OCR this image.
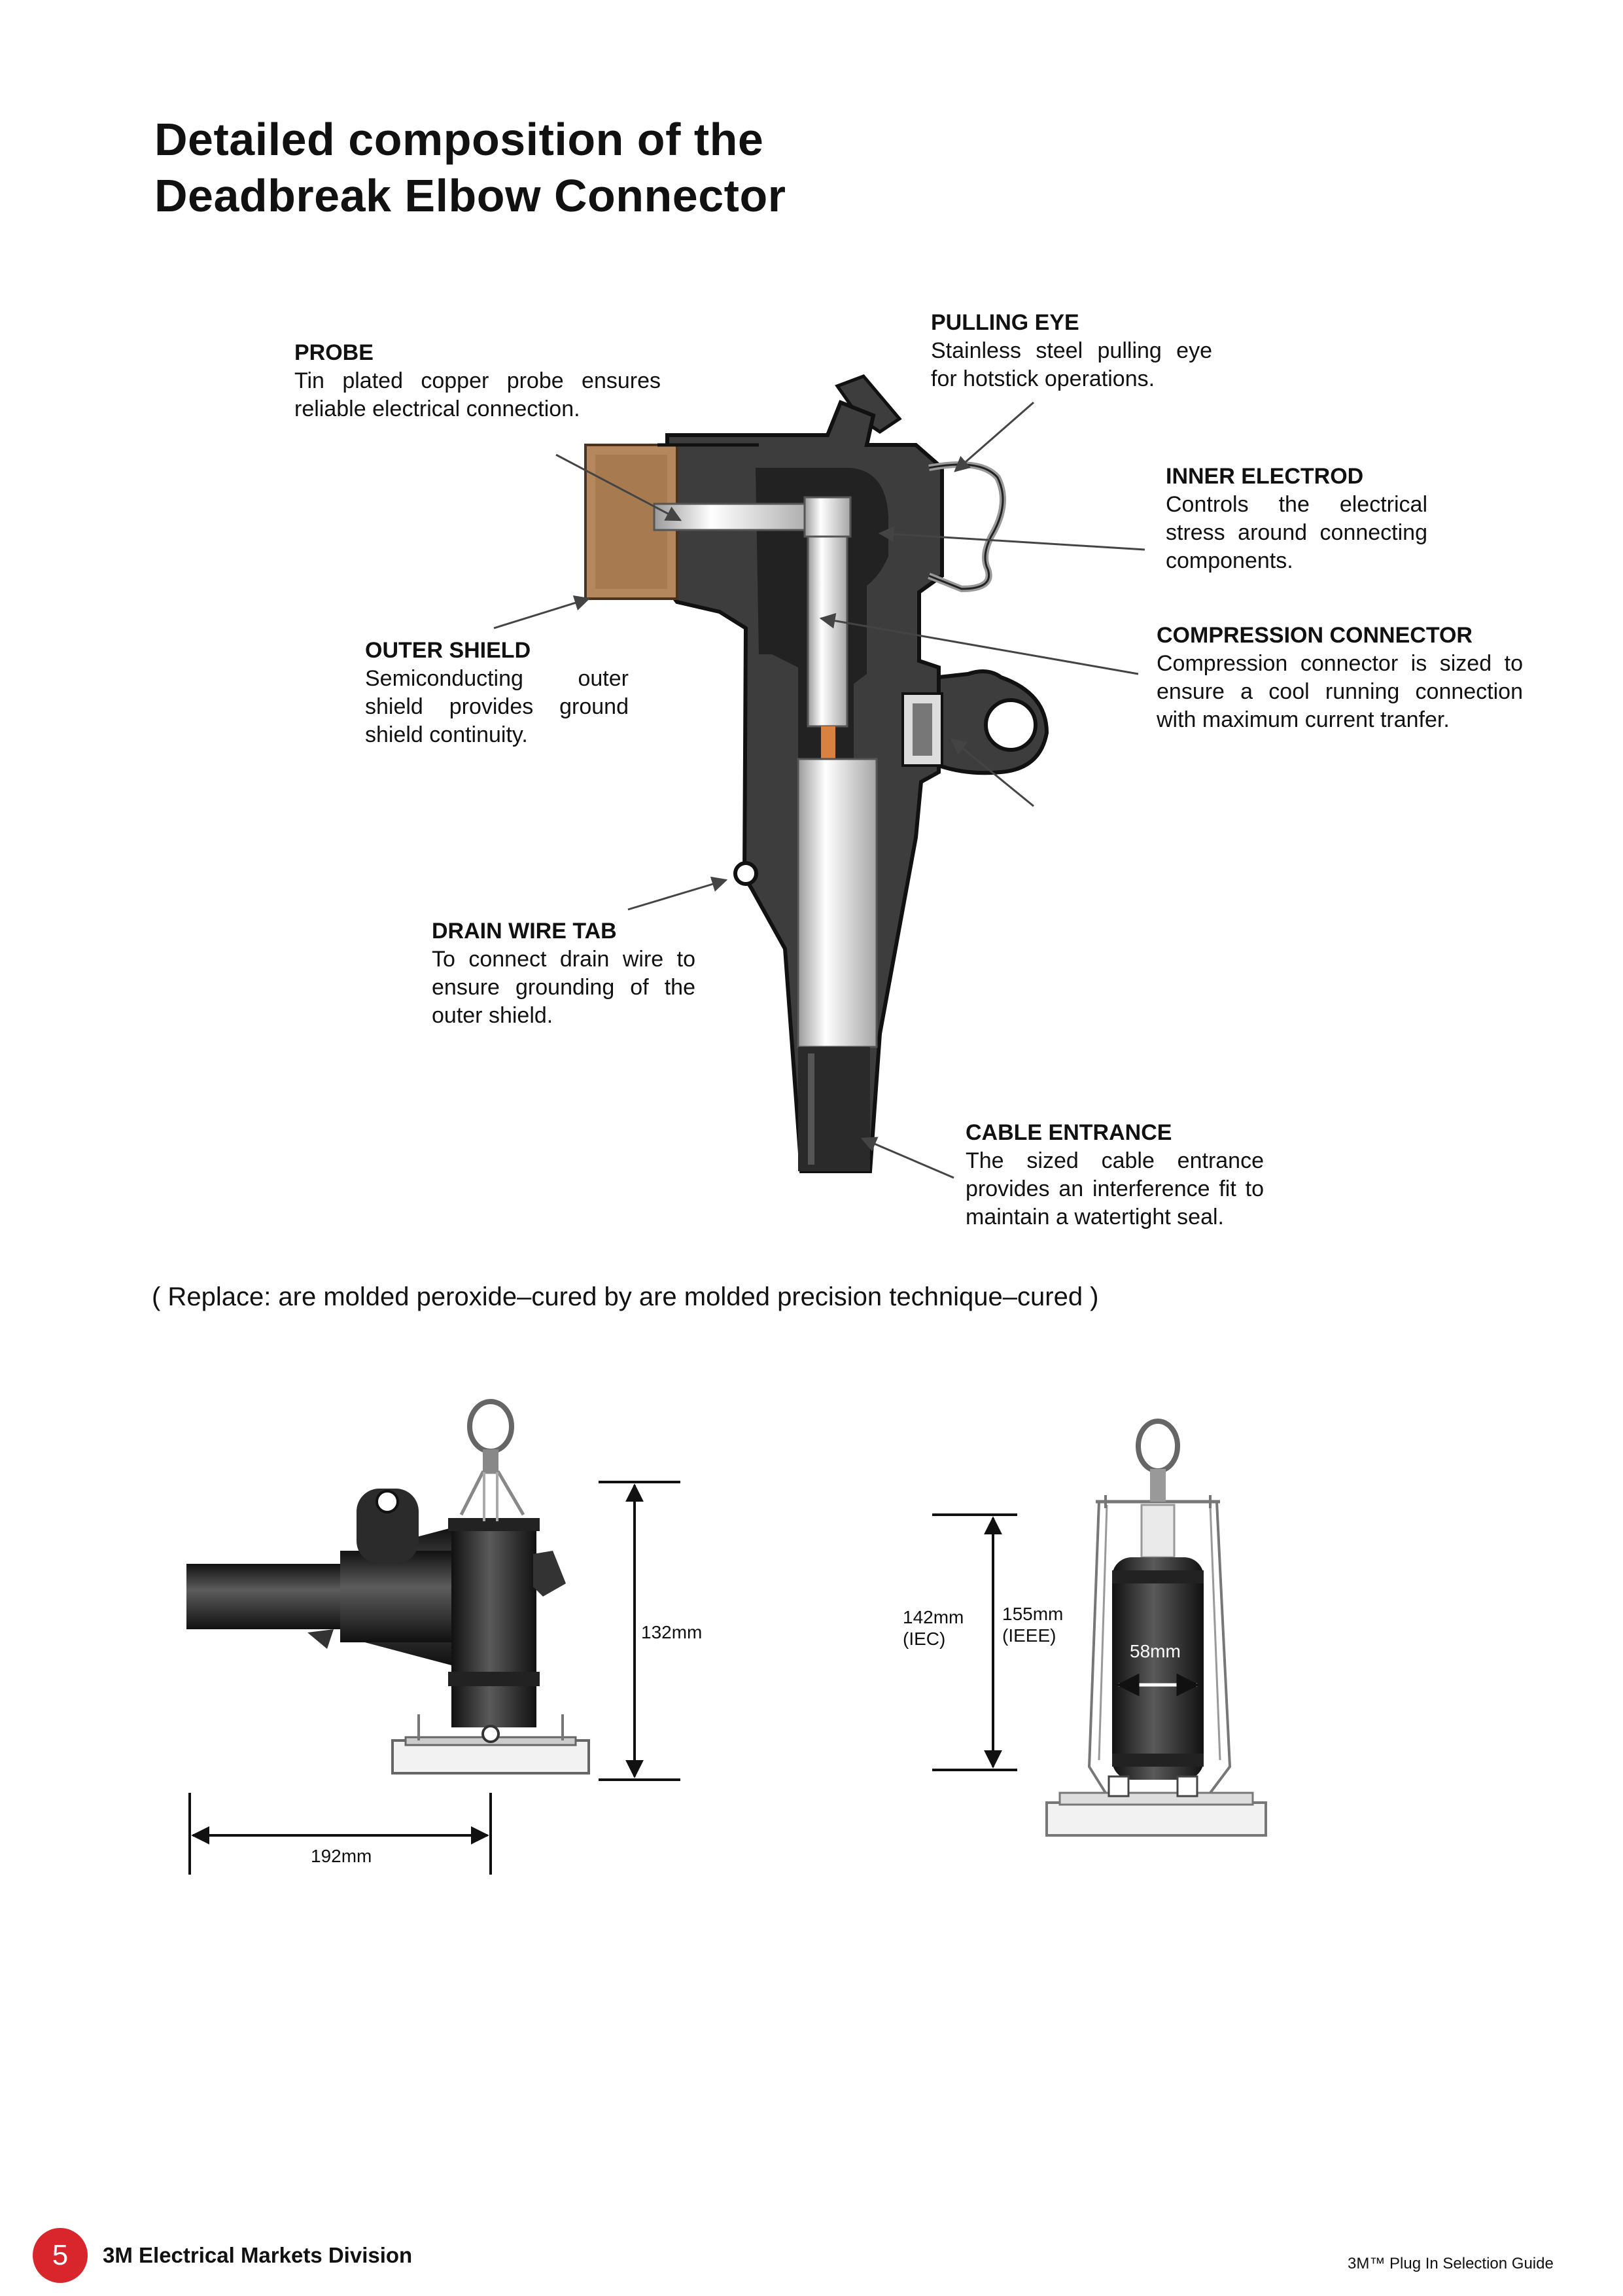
Detailed composition of the
Deadbreak Elbow Connector
PROBE
Tin plated copper probe ensures reliable electrical connection.
PULLING EYE
Stainless steel pulling eye for hotstick operations.
INNER ELECTROD
Controls the electrical stress around connecting components.
COMPRESSION CONNECTOR
Compression connector is sized to ensure a cool running connection with maximum current tranfer.
OUTER SHIELD
Semiconducting outer shield provides ground shield continuity.
DRAIN WIRE TAB
To connect drain wire to ensure grounding of the outer shield.
CABLE ENTRANCE
The sized cable entrance provides an interference fit to maintain a watertight seal.
( Replace: are molded peroxide–cured by are molded precision technique–cured )
132mm
192mm
142mm
(IEC)
155mm
(IEEE)
58mm
5	3M Electrical Markets Division	3M™ Plug In Selection Guide
